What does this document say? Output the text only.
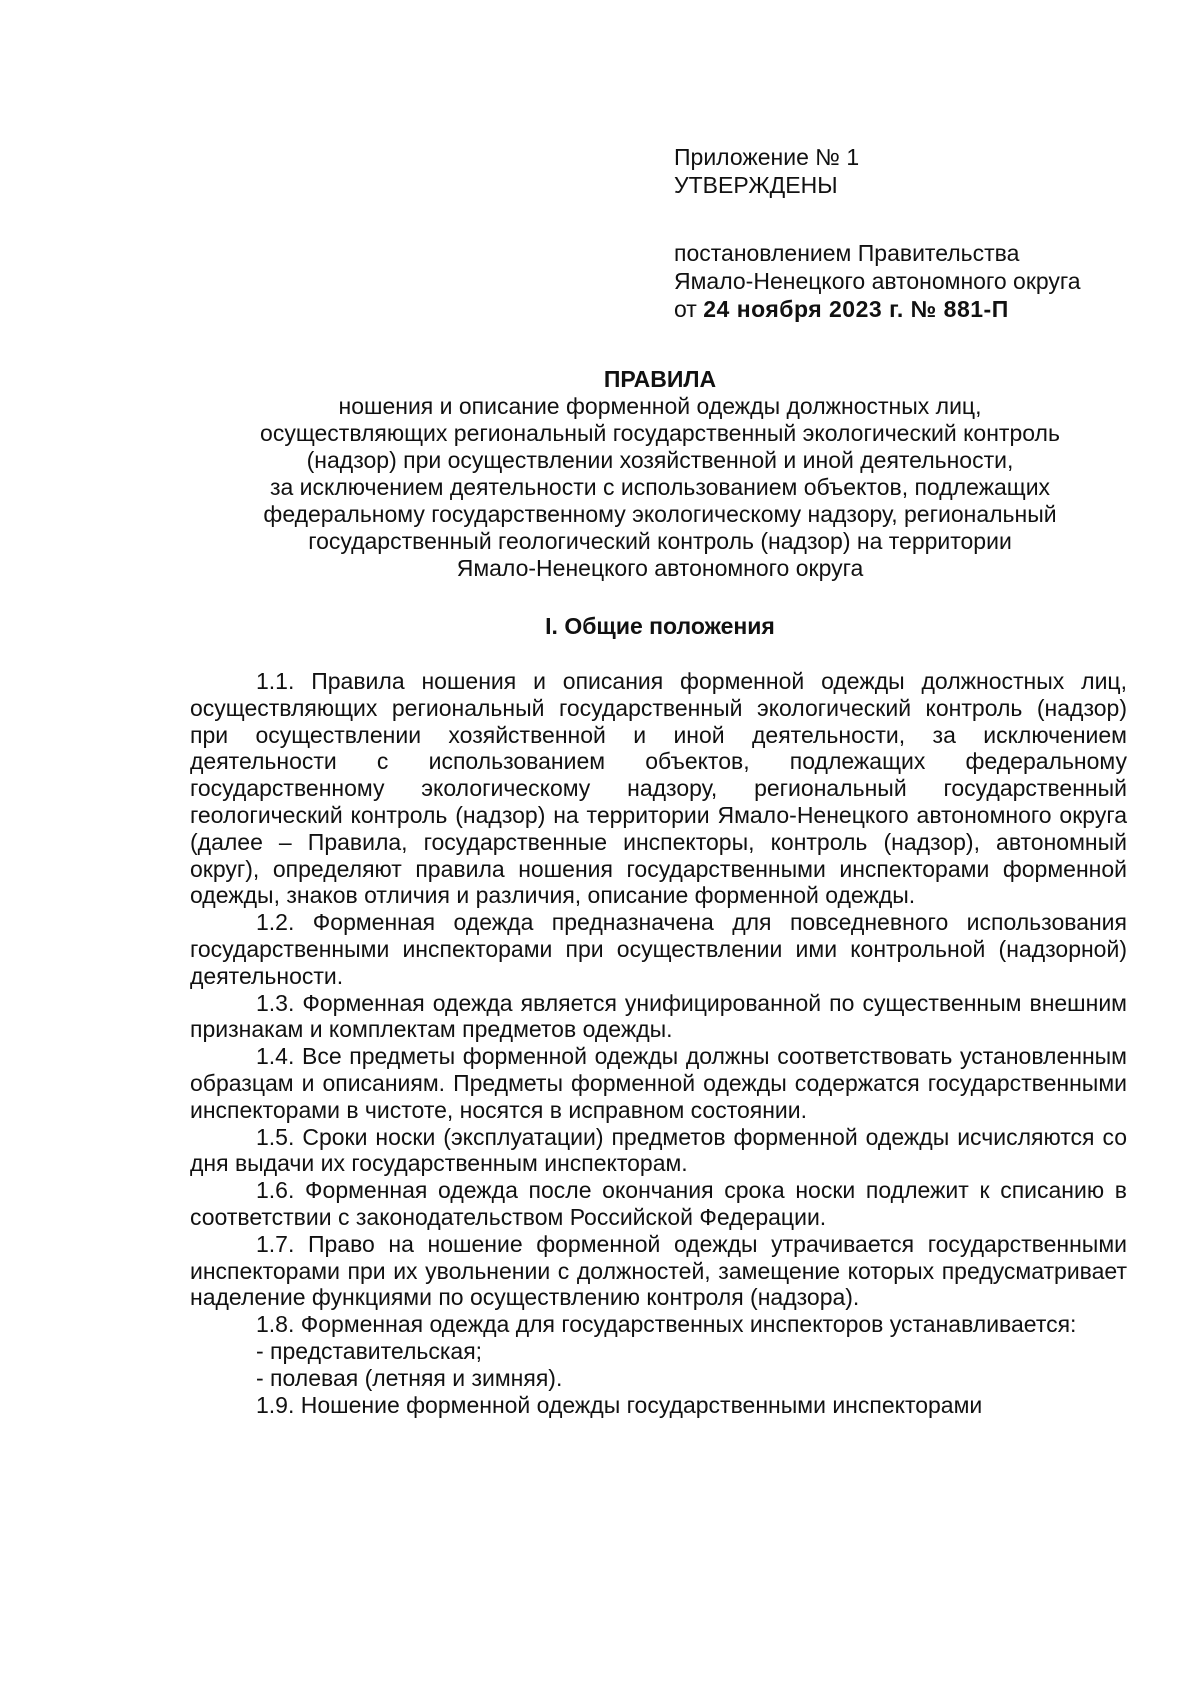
Приложение № 1
УТВЕРЖДЕНЫ
постановлением Правительства
Ямало-Ненецкого автономного округа
от 24 ноября 2023 г. № 881-П
ПРАВИЛА
ношения и описание форменной одежды должностных лиц,
осуществляющих региональный государственный экологический контроль
(надзор) при осуществлении хозяйственной и иной деятельности,
за исключением деятельности с использованием объектов, подлежащих
федеральному государственному экологическому надзору, региональный
государственный геологический контроль (надзор) на территории
Ямало-Ненецкого автономного округа
I. Общие положения

1.1. Правила ношения и описания форменной одежды должностных лиц, осуществляющих региональный государственный экологический контроль (надзор) при осуществлении хозяйственной и иной деятельности, за исключением деятельности с использованием объектов, подлежащих федеральному государственному экологическому надзору, региональный государственный геологический контроль (надзор) на территории Ямало-Ненецкого автономного округа (далее – Правила, государственные инспекторы, контроль (надзор), автономный округ), определяют правила ношения государственными инспекторами форменной одежды, знаков отличия и различия, описание форменной одежды.

1.2. Форменная одежда предназначена для повседневного использования государственными инспекторами при осуществлении ими контрольной (надзорной) деятельности.

1.3. Форменная одежда является унифицированной по существенным внешним признакам и комплектам предметов одежды.

1.4. Все предметы форменной одежды должны соответствовать установленным образцам и описаниям. Предметы форменной одежды содержатся государственными инспекторами в чистоте, носятся в исправном состоянии.

1.5. Сроки носки (эксплуатации) предметов форменной одежды исчисляются со дня выдачи их государственным инспекторам.

1.6. Форменная одежда после окончания срока носки подлежит к списанию в соответствии с законодательством Российской Федерации.

1.7. Право на ношение форменной одежды утрачивается государственными инспекторами при их увольнении с должностей, замещение которых предусматривает наделение функциями по осуществлению контроля (надзора).

1.8. Форменная одежда для государственных инспекторов устанавливается:

- представительская;

- полевая (летняя и зимняя).

1.9. Ношение форменной одежды государственными инспекторами
